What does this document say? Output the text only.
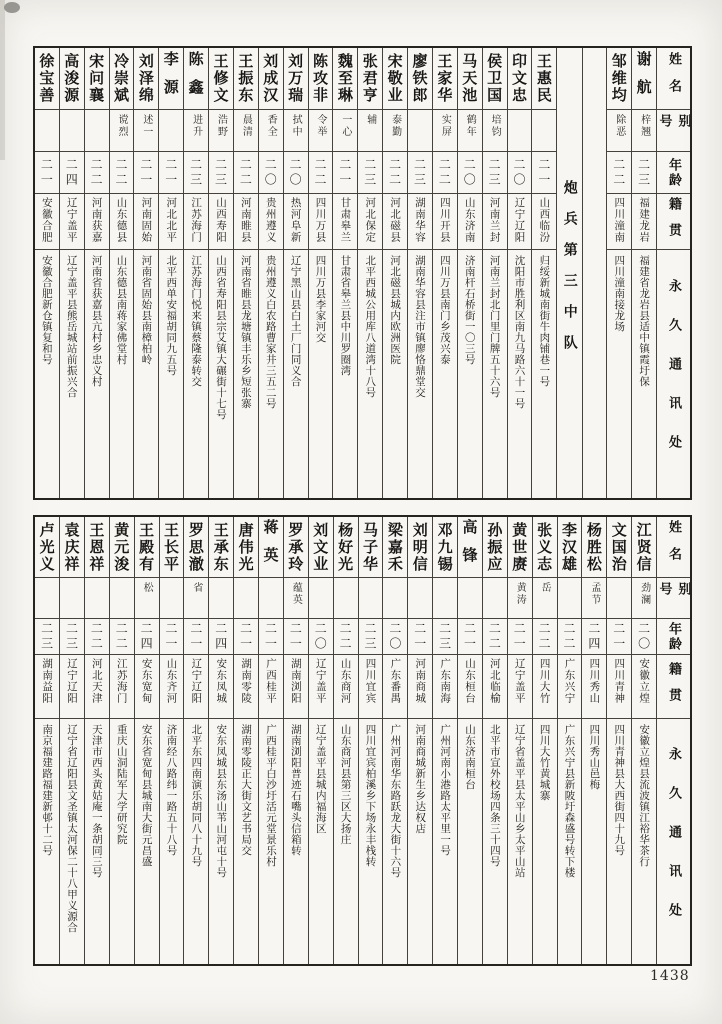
姓名
别号
年龄
籍贯
永久通讯处
谢航
梓翘
二三
福建龙岩
福建省龙岩县适中镇霞圩保
邹维均
除恶
二二
四川潼南
四川潼南接龙场
炮兵第三中队
王惠民
二一
山西临汾
归绥新城南街牛肉铺巷一号
印文忠
二〇
辽宁辽阳
沈阳市胜利区南九马路六十一号
侯卫国
培钧
二三
河南兰封
河南兰封北门里门牌五十六号
马天池
鹤年
二〇
山东济南
济南杆石桥街一〇三号
王家华
实屏
二二
四川开县
四川万县南门乡茂兴泰
廖铁郎
二三
湖南华容
湖南华容县注市镇廖恪鼎堂交
宋敬业
泰勤
二二
河北磁县
河北磁县城内欧洲医院
张君亨
辅
二三
河北保定
北平西城公用库八道湾十八号
魏至琳
一心
二一
甘肃皋兰
甘肃省皋兰县中川罗圈湾
陈攻非
令举
二二
四川万县
四川万县李家河交
刘万瑞
拭中
二〇
热河阜新
辽宁黑山县白土厂门同义合
刘成汉
香全
二〇
贵州遵义
贵州遵义白农路曹家井三五二号
王振东
晨清
二二
河南睢县
河南省睢县龙塘镇丰乐乡短张寨
王修文
浩野
二三
山西寿阳
山西省寿阳县宗艾镇大碾街十七号
陈鑫
进升
二三
江苏海门
江苏海门悦来镇蔡隆泰转交
李源
二一
河北北平
北平西单安福胡同九五号
刘泽绵
述一
二一
河南固始
河南省固始县南樟柏岭
冷崇斌
谠烈
二二
山东德县
山东德县南蒋家佛堂村
宋问襄
二二
河南获嘉
河南省获嘉县亢村乡忠义村
高浚源
二四
辽宁盖平
辽宁盖平县熊岳城站前振兴合
徐宝善
二一
安徽合肥
安徽合肥新仓镇复和号
姓名
别号
年龄
籍贯
永久通讯处
江贤信
劲澜
二〇
安徽立煌
安徽立煌县流波镇江裕华茶行
文国治
二一
四川青神
四川青神县大西街四十九号
杨胜松
孟节
二四
四川秀山
四川秀山邑梅
李汉雄
二二
广东兴宁
广东兴宁县新陂圩森盛号转下楼
张义志
岳
二二
四川大竹
四川大竹黄城寨
黄世赓
黄涛
二一
辽宁盖平
辽宁省盖平县太平山乡太平山站
孙振应
二二
河北临榆
北平市宣外校场四条三十四号
高锋
二一
山东桓台
山东济南桓台
邓九锡
二三
广东南海
广州河南小港路太平里一号
刘明信
二一
河南商城
河南商城新生乡达权店
梁嘉禾
二〇
广东番禺
广州河南华东路跃龙大街十六号
马子华
二三
四川宜宾
四川宜宾柏溪乡下场永丰栈转
杨好光
二二
山东商河
山东商河县第三区大扬庄
刘文业
二〇
辽宁盖平
辽宁盖平县城内福海区
罗承玲
蕴英
二一
湖南浏阳
湖南浏阳普迹石嘴头信箱转
蒋英
二一
广西桂平
广西桂平白沙圩活元堂景乐村
唐伟光
二一
湖南零陵
湖南零陵正大街文艺书局交
王承东
二四
安东凤城
安东凤城县东汤山苇山河屯十号
罗思澈
省
二一
辽宁辽阳
北平东四南演乐胡同八十九号
王长平
二一
山东齐河
济南经八路纬一路五十八号
王殿有
松
二四
安东宽甸
安东省宽甸县城南大街元昌盛
黄元浚
二二
江苏海门
重庆山洞陆军大学研究院
王恩祥
二二
河北天津
天津市西头黄姑庵一条胡同三号
袁庆祥
二三
辽宁辽阳
辽宁省辽阳县文圣镇太河保二十八甲义源合
卢光义
二三
湖南益阳
南京福建路福建新邨十二号
1438
